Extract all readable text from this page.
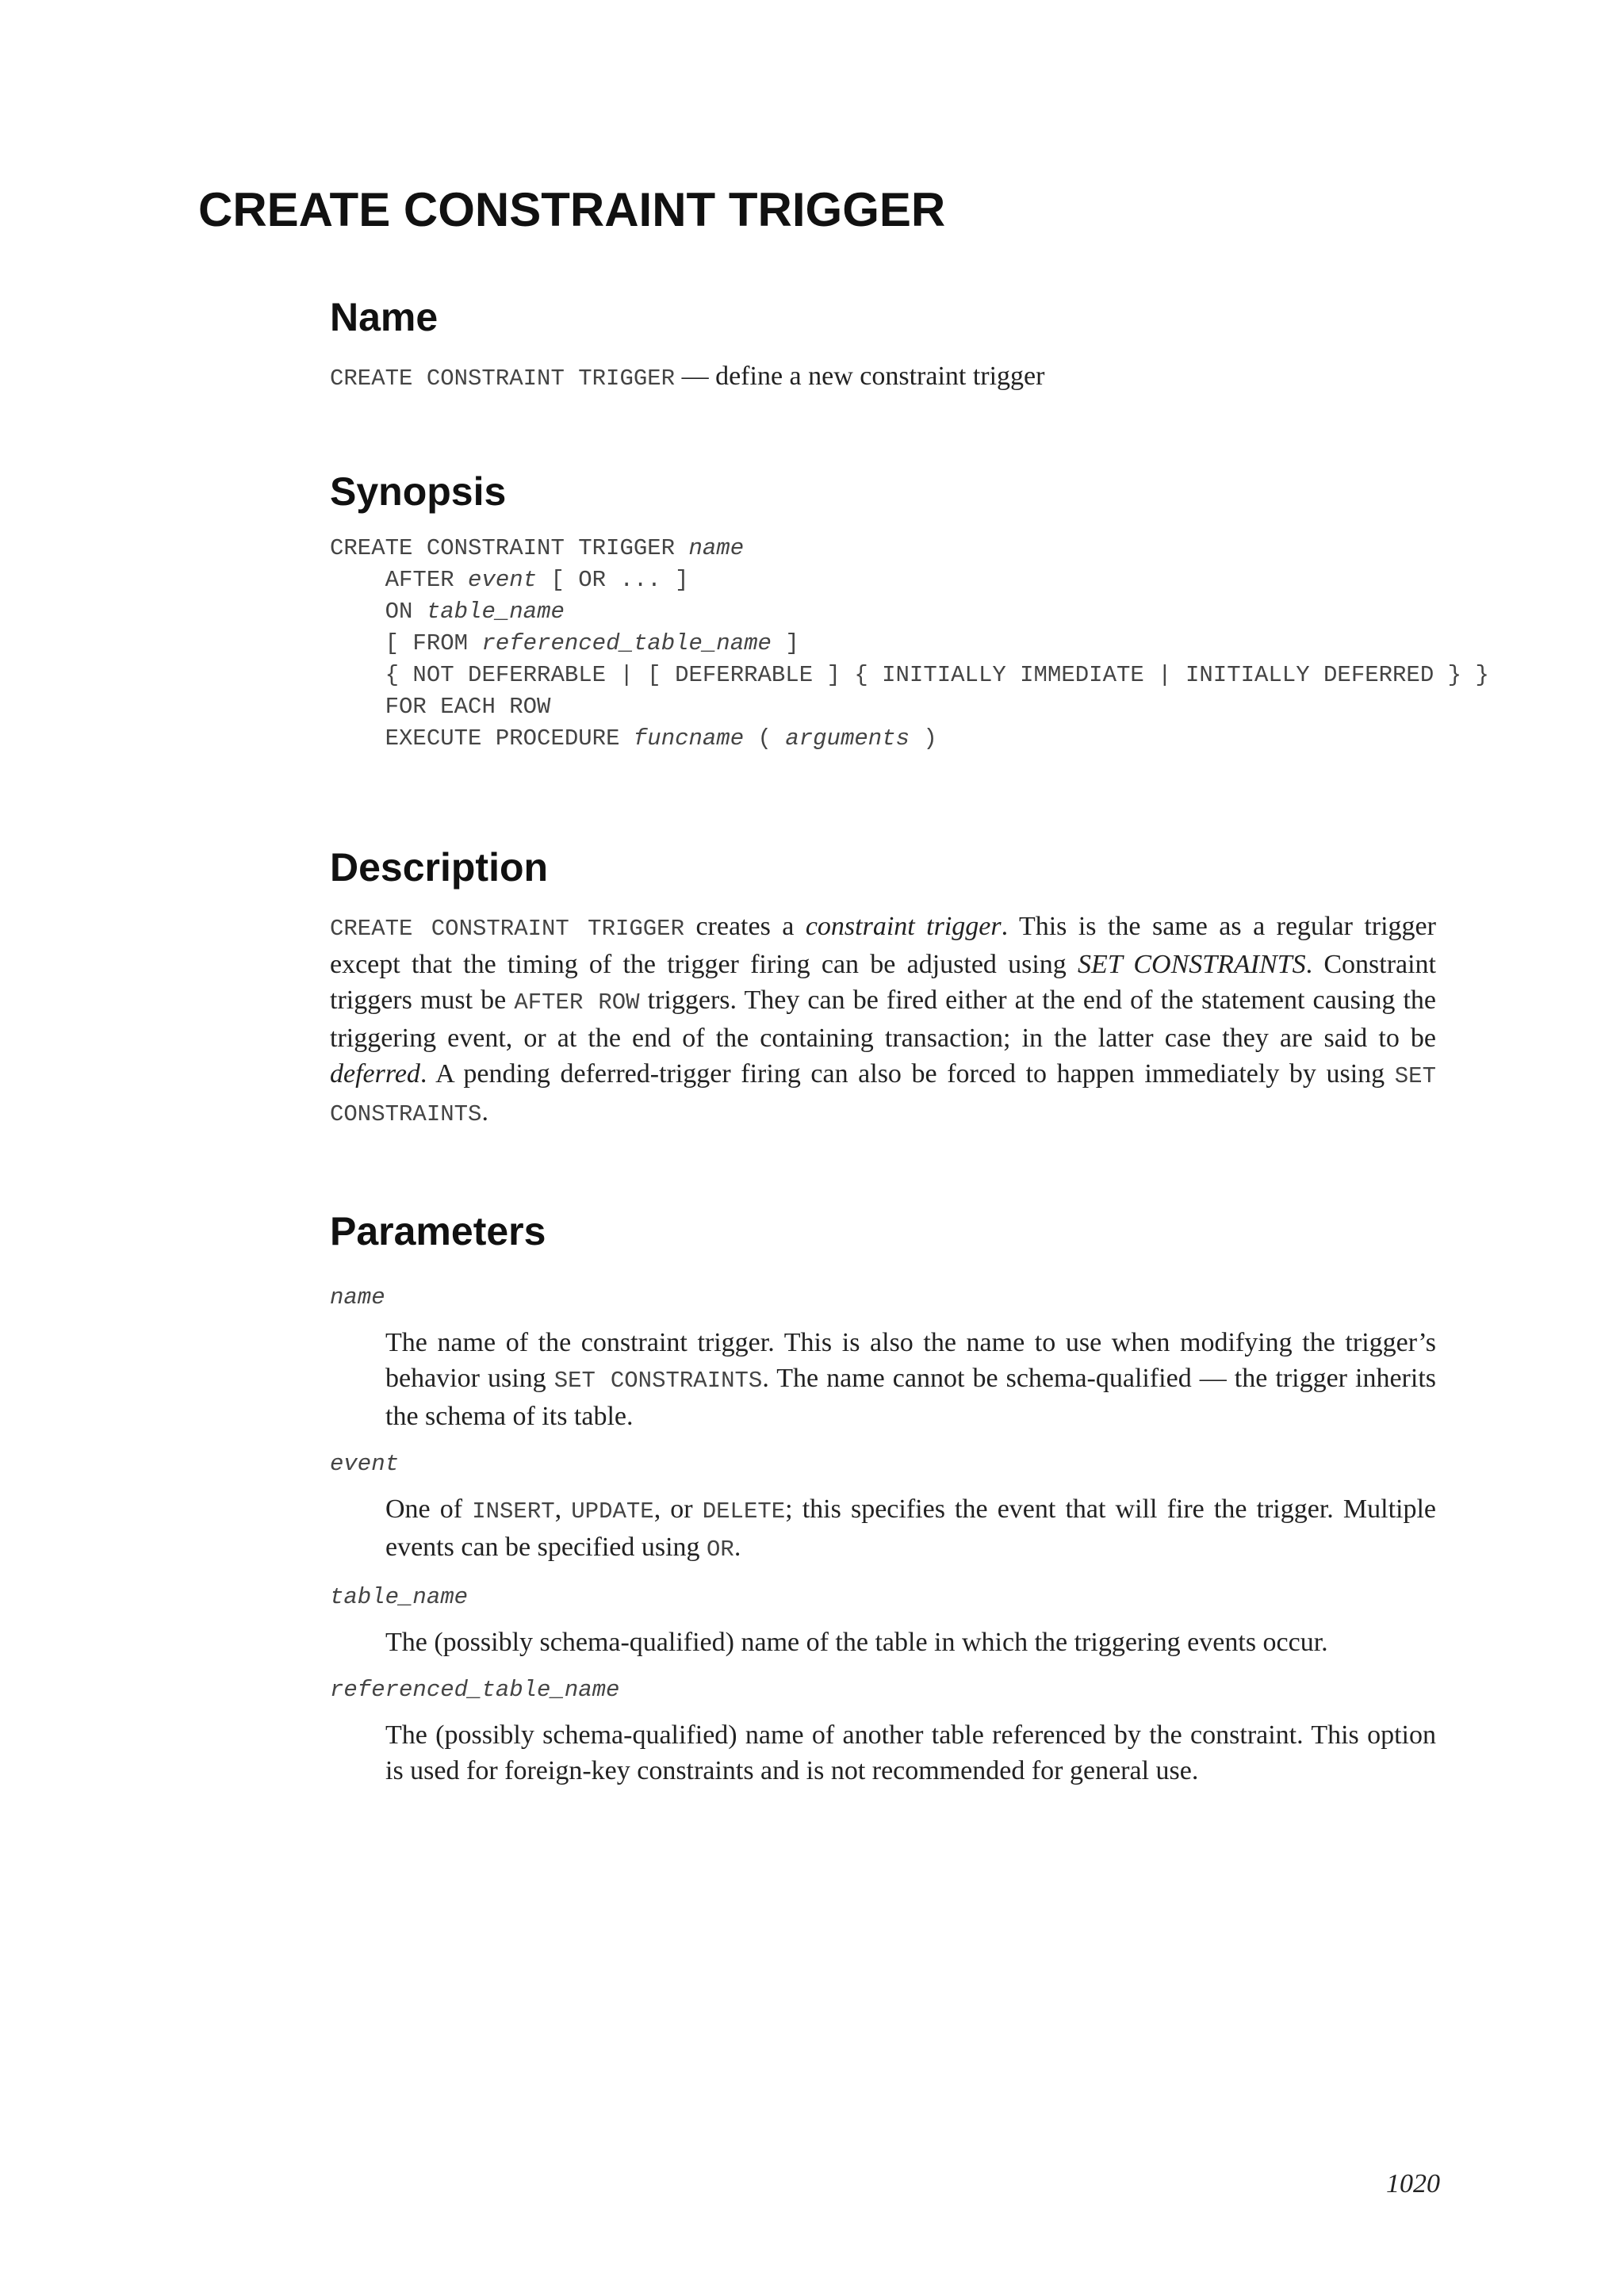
CREATE CONSTRAINT TRIGGER
Name

CREATE CONSTRAINT TRIGGER — define a new constraint trigger

Synopsis
CREATE CONSTRAINT TRIGGER name
AFTER event [ OR ... ]
ON table_name
[ FROM referenced_table_name ]
{ NOT DEFERRABLE | [ DEFERRABLE ] { INITIALLY IMMEDIATE | INITIALLY DEFERRED } }
FOR EACH ROW
EXECUTE PROCEDURE funcname ( arguments )
Description

CREATE CONSTRAINT TRIGGER creates a constraint trigger. This is the same as a regular trigger except that the timing of the trigger firing can be adjusted using SET CONSTRAINTS. Constraint triggers must be AFTER ROW triggers. They can be fired either at the end of the statement causing the triggering event, or at the end of the containing transaction; in the latter case they are said to be deferred. A pending deferred-trigger firing can also be forced to happen immediately by using SET CONSTRAINTS.

Parameters
name
The name of the constraint trigger. This is also the name to use when modifying the trigger’s behavior using SET CONSTRAINTS. The name cannot be schema-qualified — the trigger inherits the schema of its table.
event
One of INSERT, UPDATE, or DELETE; this specifies the event that will fire the trigger. Multiple events can be specified using OR.
table_name
The (possibly schema-qualified) name of the table in which the triggering events occur.
referenced_table_name
The (possibly schema-qualified) name of another table referenced by the constraint. This option is used for foreign-key constraints and is not recommended for general use.
1020
